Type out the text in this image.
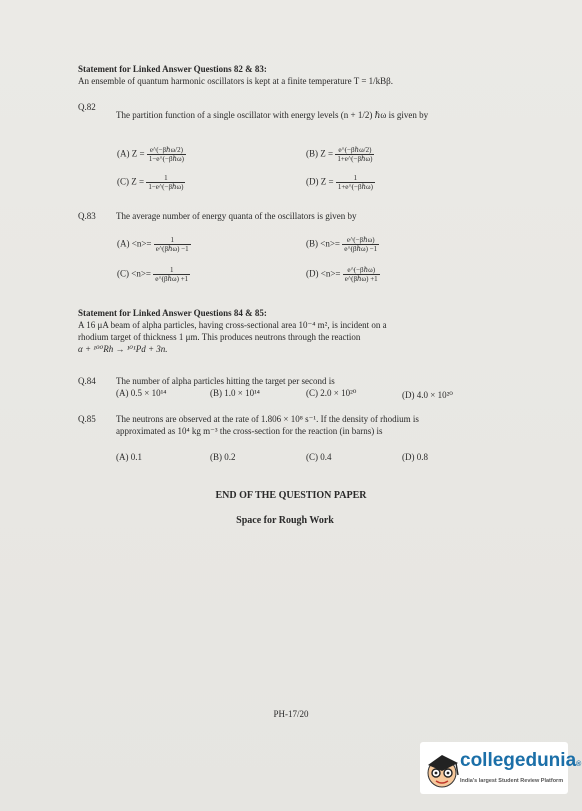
Statement for Linked Answer Questions 82 & 83:
An ensemble of quantum harmonic oscillators is kept at a finite temperature T = 1/kBβ.
Q.82
The partition function of a single oscillator with energy levels (n + 1/2) ℏω is given by
(A) $Z = \frac{\text{e\textasciicircum{}(−βℏω/2)}}{\text{1−e\textasciicircum{}(−βℏω)}}$	(B) $Z = \frac{\text{e\textasciicircum{}(−βℏω/2)}}{\text{1+e\textasciicircum{}(−βℏω)}}$
(C) $Z = \frac{1}{\text{1−e\textasciicircum{}(−βℏω)}}$	(D) $Z = \frac{1}{\text{1+e\textasciicircum{}(−βℏω)}}$
Q.83 The average number of energy quanta of the oscillators is given by
$(A) <n>= \frac{1}{\text{e\textasciicircum{}(βℏω) −1}}$	$(B) <n>= \frac{\text{e\textasciicircum{}(−βℏω)}}{\text{e\textasciicircum{}(βℏω) −1}}$
$(C) <n>= \frac{1}{\text{e\textasciicircum{}(βℏω) +1}}$	$(D) <n>= \frac{\text{e\textasciicircum{}(−βℏω)}}{\text{e\textasciicircum{}(βℏω) +1}}$
Statement for Linked Answer Questions 84 & 85:
A 16 μA beam of alpha particles, having cross-sectional area 10⁻⁴ m², is incident on a
rhodium target of thickness 1 μm. This produces neutrons through the reaction
α + ¹⁰⁰Rh → ¹⁰¹Pd + 3n.
Q.84 The number of alpha particles hitting the target per second is
(A) 0.5 × 10¹⁴	(B) 1.0 × 10¹⁴	(C) 2.0 × 10²⁰	(D) 4.0 × 10²⁰
Q.85 The neutrons are observed at the rate of 1.806 × 10⁸ s⁻¹. If the density of rhodium is
approximated as 10⁴ kg m⁻³ the cross-section for the reaction (in barns) is
(A) 0.1	(B) 0.2	(C) 0.4	(D) 0.8
END OF THE QUESTION PAPER
Space for Rough Work
PH-17/20
collegedunia®
India's largest Student Review Platform
